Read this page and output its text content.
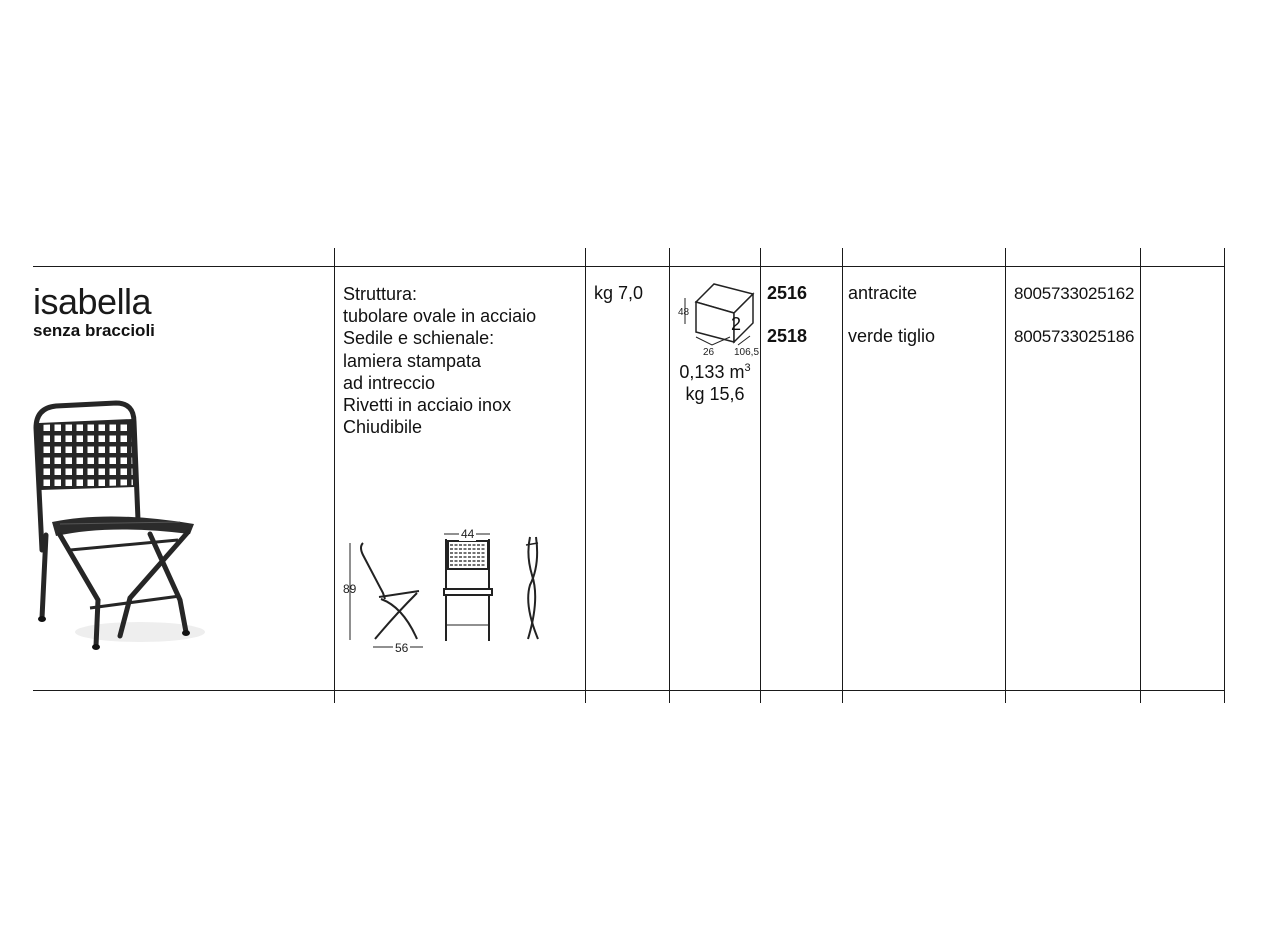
isabella
senza braccioli
Struttura:
tubolare ovale in acciaio
Sedile e schienale:
lamiera stampata
ad intreccio
Rivetti in acciaio inox
Chiudibile
89
56
44
kg 7,0
48
2
26 106,5
0,133 $m^3$
kg 15,6
2516 antracite	8005733025162
2518 verde tiglio	8005733025186
